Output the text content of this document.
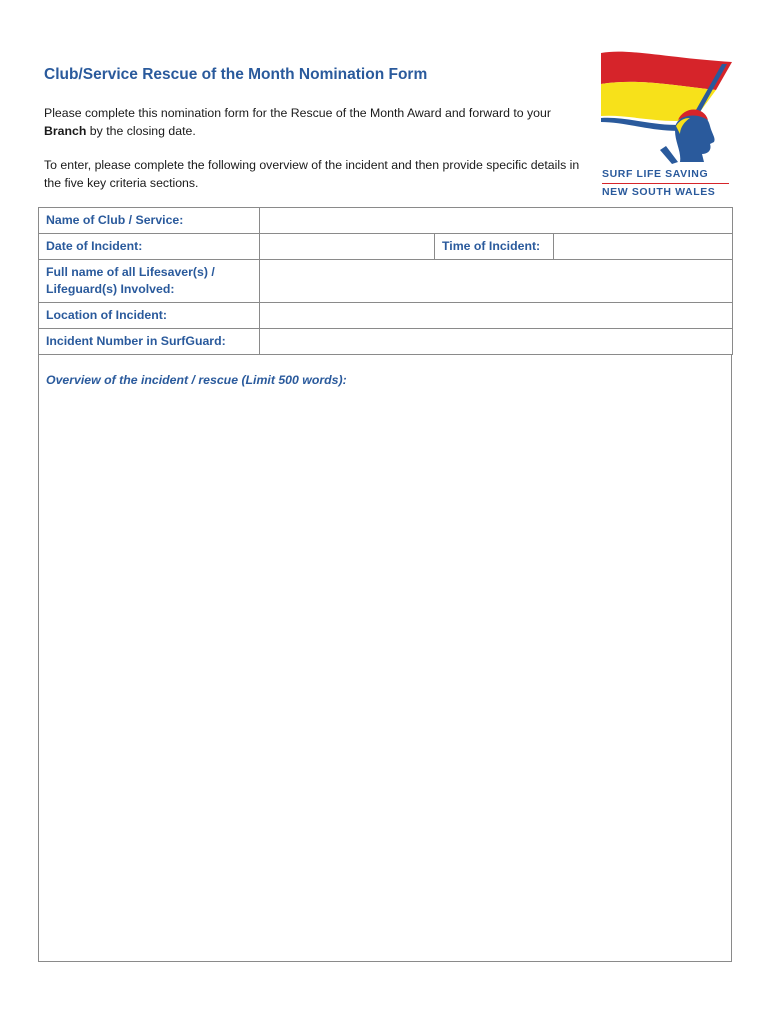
Club/Service Rescue of the Month Nomination Form
Please complete this nomination form for the Rescue of the Month Award and forward to your Branch by the closing date.
To enter, please complete the following overview of the incident and then provide specific details in the five key criteria sections.
SURF LIFE SAVING
NEW SOUTH WALES
Name of Club / Service:			
Date of Incident:		Time of Incident:	
Full name of all Lifesaver(s) / Lifeguard(s) Involved:			
Location of Incident:			
Incident Number in SurfGuard:			
Overview of the incident / rescue (Limit 500 words):
